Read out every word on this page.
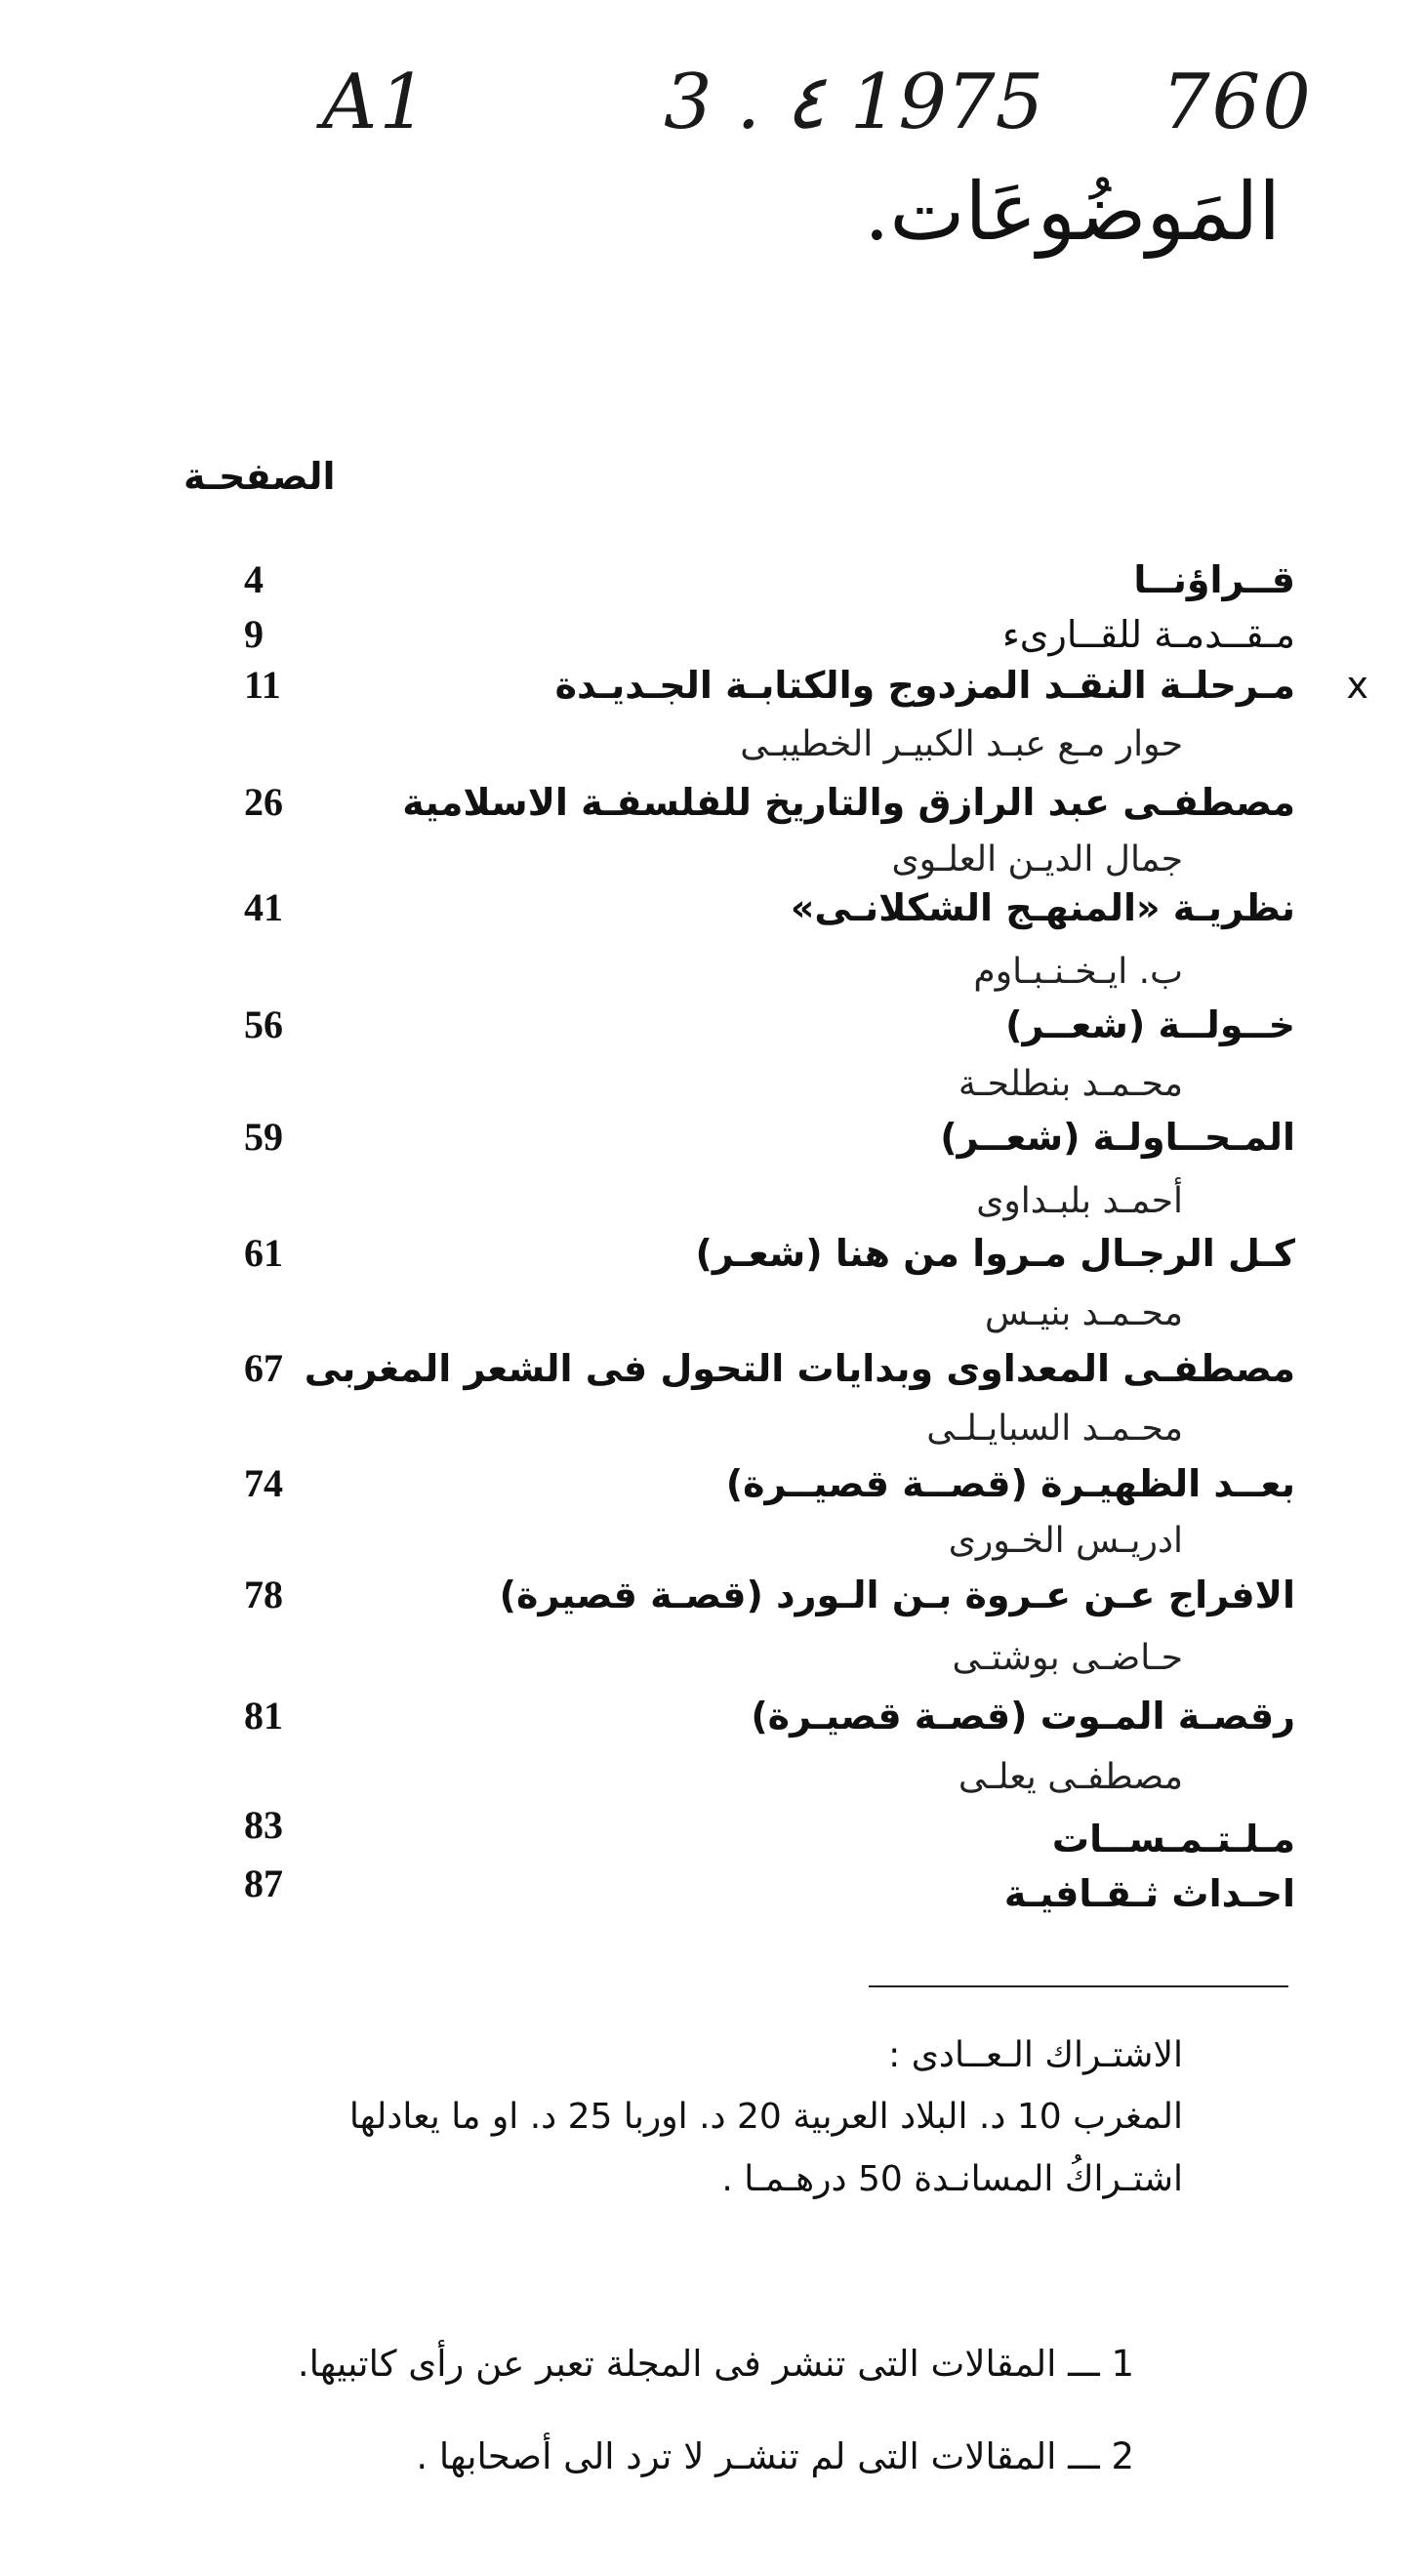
A1	3 . ٤ 1975 760
المَوضُوعَات.
الصفحـة
قــراؤنــا
4
مـقــدمـة للقــارىء
9
مـرحلـة النقـد المزدوج والكتابـة الجـديـدة
11	x
حوار مـع عبـد الكبيـر الخطيبـى
مصطفـى عبد الرازق والتاريخ للفلسفـة الاسلامية
26
جمال الديـن العلـوى
نظريـة «المنهـج الشكلانـى»
41
ب. ايـخـنـبـاوم
خــولــة (شعــر)
56
محـمـد بنطلحـة
المـحــاولـة (شعــر)
59
أحمـد بلبـداوى
كـل الرجـال مـروا من هنا (شعـر)
61
محـمـد بنيـس
مصطفـى المعداوى وبدايات التحول فى الشعر المغربى
67
محـمـد السبايـلـى
بعــد الظهيـرة (قصــة قصيــرة)
74
ادريـس الخـورى
الافراج عـن عـروة بـن الـورد (قصـة قصيرة)
78
حـاضـى بوشتـى
رقصـة المـوت (قصـة قصيـرة)
81
مصطفـى يعلـى
مـلـتـمـســات
83
احـداث ثـقـافيـة
87
الاشتـراك الـعــادى :
المغرب 10 د. البلاد العربية 20 د. اوربا 25 د. او ما يعادلها
اشتـراكُ المسانـدة 50 درهـمـا .
1 ـــ المقالات التى تنشر فى المجلة تعبر عن رأى كاتبيها.
2 ـــ المقالات التى لم تنشـر لا ترد الى أصحابها .
